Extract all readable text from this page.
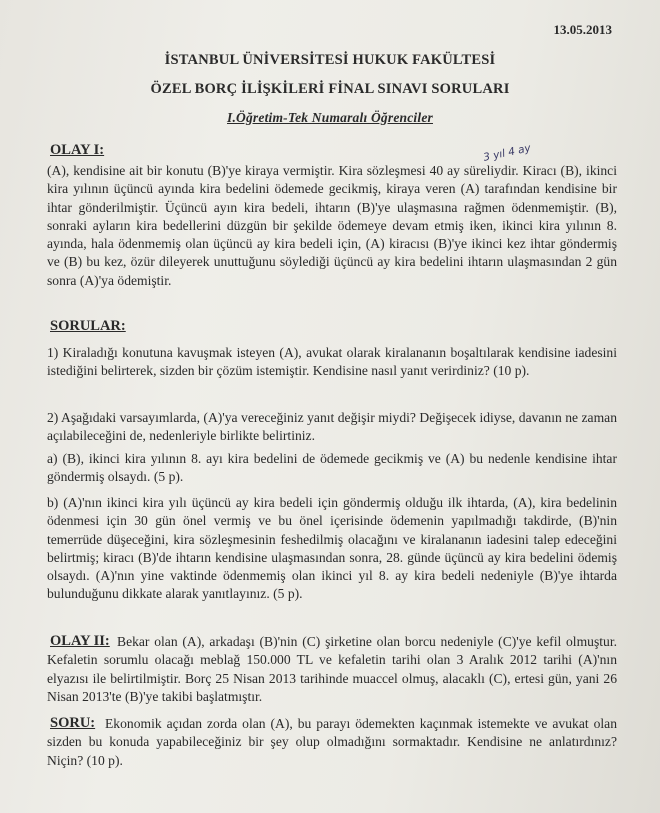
13.05.2013
İSTANBUL ÜNİVERSİTESİ HUKUK FAKÜLTESİ
ÖZEL BORÇ İLİŞKİLERİ FİNAL SINAVI SORULARI
I.Öğretim-Tek Numaralı Öğrenciler
OLAY I:	3 yıl 4 ay
(A), kendisine ait bir konutu (B)'ye kiraya vermiştir. Kira sözleşmesi 40 ay süreliydir. Kiracı (B), ikinci kira yılının üçüncü ayında kira bedelini ödemede gecikmiş, kiraya veren (A) tarafından kendisine bir ihtar gönderilmiştir. Üçüncü ayın kira bedeli, ihtarın (B)'ye ulaşmasına rağmen ödenmemiştir. (B), sonraki ayların kira bedellerini düzgün bir şekilde ödemeye devam etmiş iken, ikinci kira yılının 8. ayında, hala ödenmemiş olan üçüncü ay kira bedeli için, (A) kiracısı (B)'ye ikinci kez ihtar göndermiş ve (B) bu kez, özür dileyerek unuttuğunu söylediği üçüncü ay kira bedelini ihtarın ulaşmasından 2 gün sonra (A)'ya ödemiştir.
SORULAR:
1) Kiraladığı konutuna kavuşmak isteyen (A), avukat olarak kiralananın boşaltılarak kendisine iadesini istediğini belirterek, sizden bir çözüm istemiştir. Kendisine nasıl yanıt verirdiniz? (10 p).
2) Aşağıdaki varsayımlarda, (A)'ya vereceğiniz yanıt değişir miydi? Değişecek idiyse, davanın ne zaman açılabileceğini de, nedenleriyle birlikte belirtiniz.
a) (B), ikinci kira yılının 8. ayı kira bedelini de ödemede gecikmiş ve (A) bu nedenle kendisine ihtar göndermiş olsaydı. (5 p).
b) (A)'nın ikinci kira yılı üçüncü ay kira bedeli için göndermiş olduğu ilk ihtarda, (A), kira bedelinin ödenmesi için 30 gün önel vermiş ve bu önel içerisinde ödemenin yapılmadığı takdirde, (B)'nin temerrüde düşeceğini, kira sözleşmesinin feshedilmiş olacağını ve kiralananın iadesini talep edeceğini belirtmiş; kiracı (B)'de ihtarın kendisine ulaşmasından sonra, 28. günde üçüncü ay kira bedelini ödemiş olsaydı. (A)'nın yine vaktinde ödenmemiş olan ikinci yıl 8. ay kira bedeli nedeniyle (B)'ye ihtarda bulunduğunu dikkate alarak yanıtlayınız. (5 p).
OLAY II: Bekar olan (A), arkadaşı (B)'nin (C) şirketine olan borcu nedeniyle (C)'ye kefil olmuştur. Kefaletin sorumlu olacağı meblağ 150.000 TL ve kefaletin tarihi olan 3 Aralık 2012 tarihi (A)'nın elyazısı ile belirtilmiştir. Borç 25 Nisan 2013 tarihinde muaccel olmuş, alacaklı (C), ertesi gün, yani 26 Nisan 2013'te (B)'ye takibi başlatmıştır.
SORU: Ekonomik açıdan zorda olan (A), bu parayı ödemekten kaçınmak istemekte ve avukat olan sizden bu konuda yapabileceğiniz bir şey olup olmadığını sormaktadır. Kendisine ne anlatırdınız? Niçin? (10 p).
